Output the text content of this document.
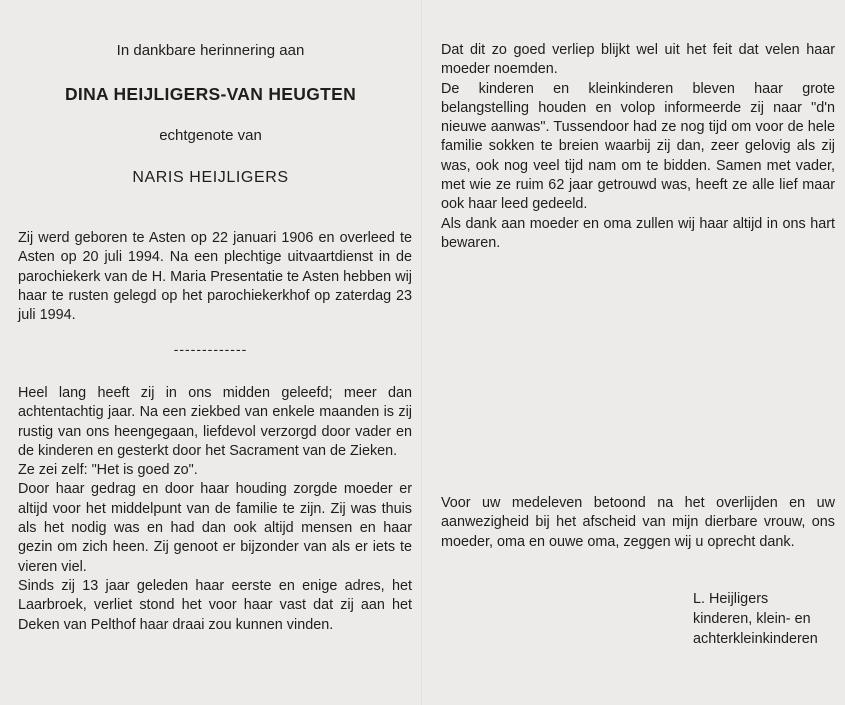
In dankbare herinnering aan
DINA HEIJLIGERS-VAN HEUGTEN
echtgenote van
NARIS HEIJLIGERS

Zij werd geboren te Asten op 22 januari 1906 en overleed te Asten op 20 juli 1994. Na een plechtige uitvaartdienst in de parochiekerk van de H. Maria Presentatie te Asten hebben wij haar te rusten gelegd op het parochiekerkhof op zaterdag 23 juli 1994.

-------------

Heel lang heeft zij in ons midden geleefd; meer dan achtentachtig jaar. Na een ziekbed van enkele maanden is zij rustig van ons heengegaan, liefdevol verzorgd door vader en de kinderen en gesterkt door het Sacrament van de Zieken.

Ze zei zelf: "Het is goed zo".

Door haar gedrag en door haar houding zorgde moeder er altijd voor het middelpunt van de familie te zijn. Zij was thuis als het nodig was en had dan ook altijd mensen en haar gezin om zich heen. Zij genoot er bijzonder van als er iets te vieren viel.

Sinds zij 13 jaar geleden haar eerste en enige adres, het Laarbroek, verliet stond het voor haar vast dat zij aan het Deken van Pelthof haar draai zou kunnen vinden.

Dat dit zo goed verliep blijkt wel uit het feit dat velen haar moeder noemden.

De kinderen en kleinkinderen bleven haar grote belangstelling houden en volop informeerde zij naar "d'n nieuwe aanwas". Tussendoor had ze nog tijd om voor de hele familie sokken te breien waarbij zij dan, zeer gelovig als zij was, ook nog veel tijd nam om te bidden. Samen met vader, met wie ze ruim 62 jaar getrouwd was, heeft ze alle lief maar ook haar leed gedeeld.

Als dank aan moeder en oma zullen wij haar altijd in ons hart bewaren.

Voor uw medeleven betoond na het overlijden en uw aanwezigheid bij het afscheid van mijn dierbare vrouw, ons moeder, oma en ouwe oma, zeggen wij u oprecht dank.

L. Heijligers
kinderen, klein- en
achterkleinkinderen
